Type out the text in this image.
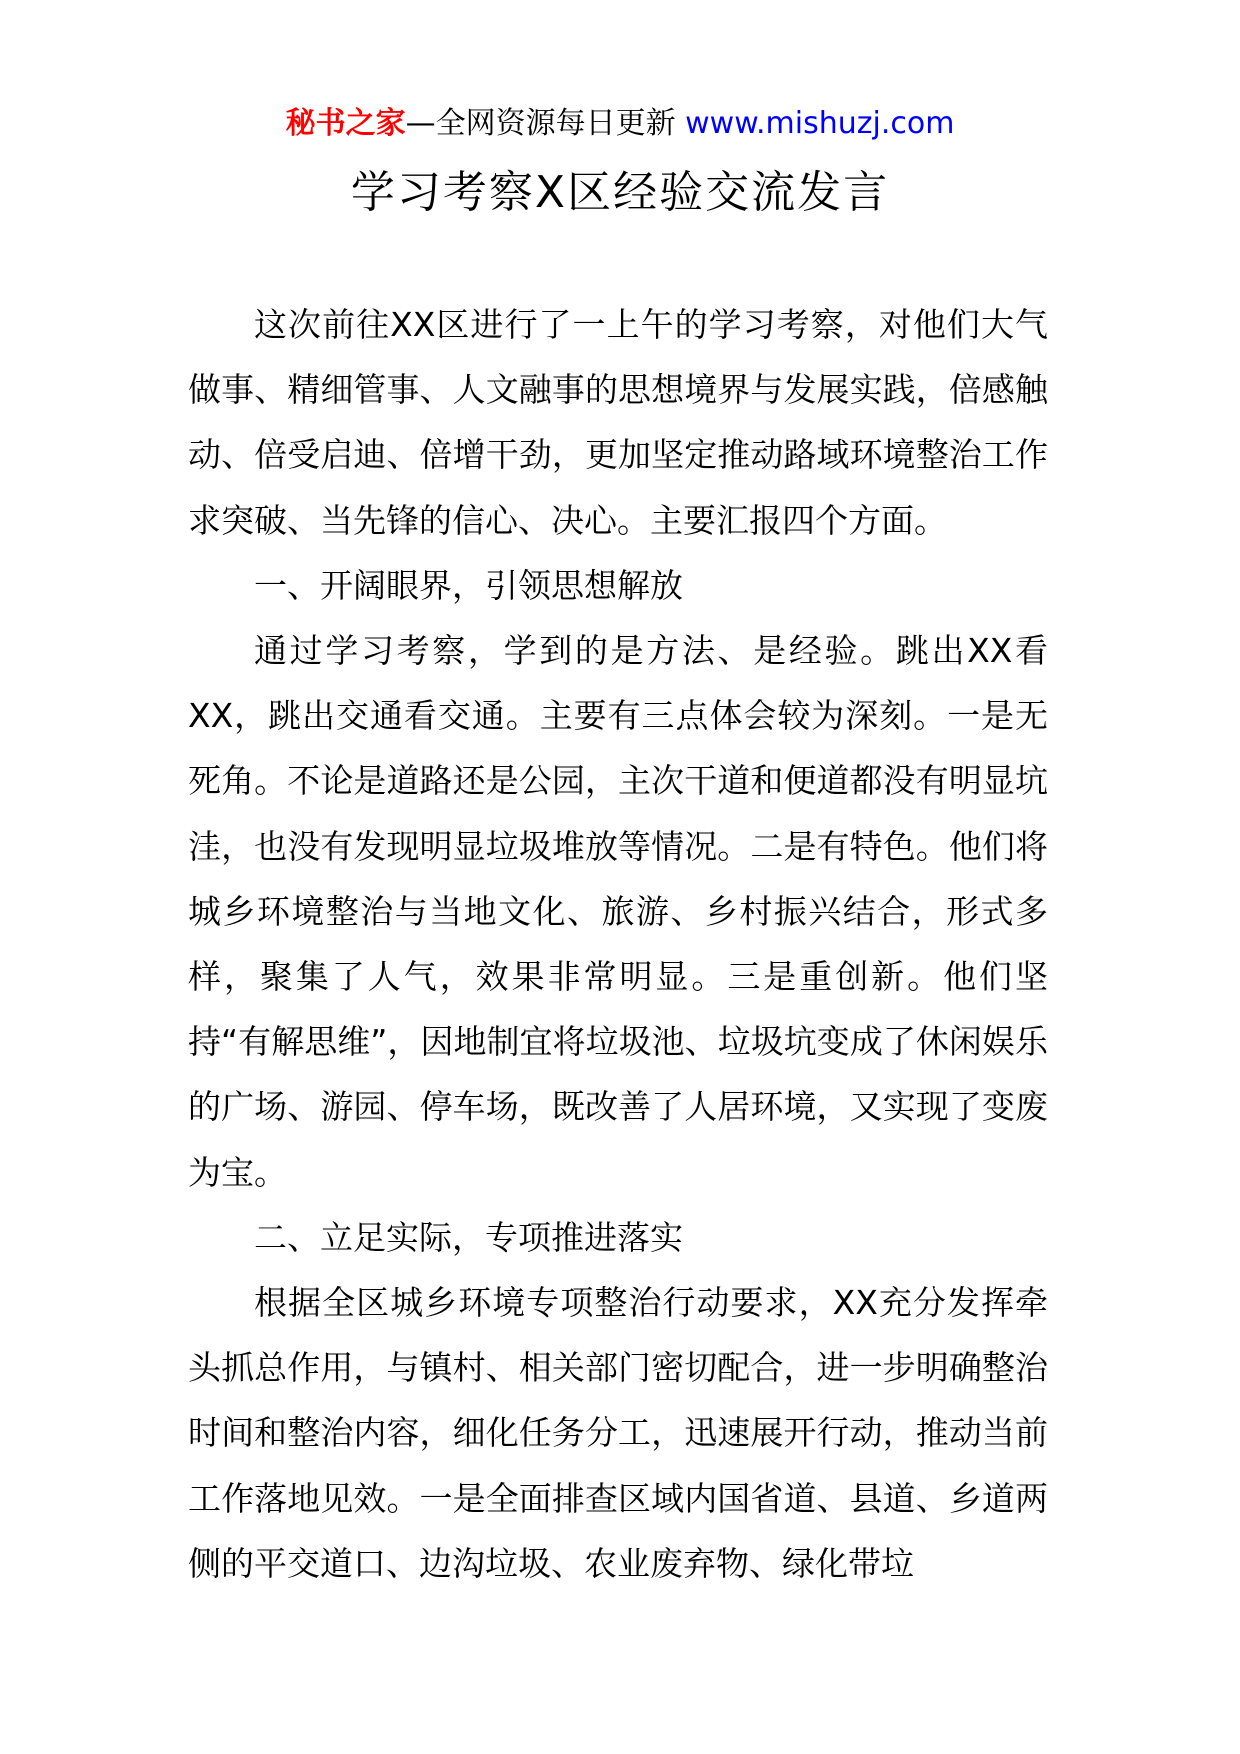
秘书之家—全网资源每日更新 www.mishuzj.com
学习考察Ⅹ区经验交流发言

这次前往XX区进行了一上午的学习考察，对他们大气做事、精细管事、人文融事的思想境界与发展实践，倍感触动、倍受启迪、倍增干劲，更加坚定推动路域环境整治工作求突破、当先锋的信心、决心。主要汇报四个方面。

一、开阔眼界，引领思想解放

通过学习考察，学到的是方法、是经验。跳出XX看XX，跳出交通看交通。主要有三点体会较为深刻。一是无死角。不论是道路还是公园，主次干道和便道都没有明显坑洼，也没有发现明显垃圾堆放等情况。二是有特色。他们将城乡环境整治与当地文化、旅游、乡村振兴结合，形式多样，聚集了人气，效果非常明显。三是重创新。他们坚持“有解思维”，因地制宜将垃圾池、垃圾坑变成了休闲娱乐的广场、游园、停车场，既改善了人居环境，又实现了变废为宝。

二、立足实际，专项推进落实

根据全区城乡环境专项整治行动要求，XX充分发挥牵头抓总作用，与镇村、相关部门密切配合，进一步明确整治时间和整治内容，细化任务分工，迅速展开行动，推动当前工作落地见效。一是全面排查区域内国省道、县道、乡道两侧的平交道口、边沟垃圾、农业废弃物、绿化带垃
